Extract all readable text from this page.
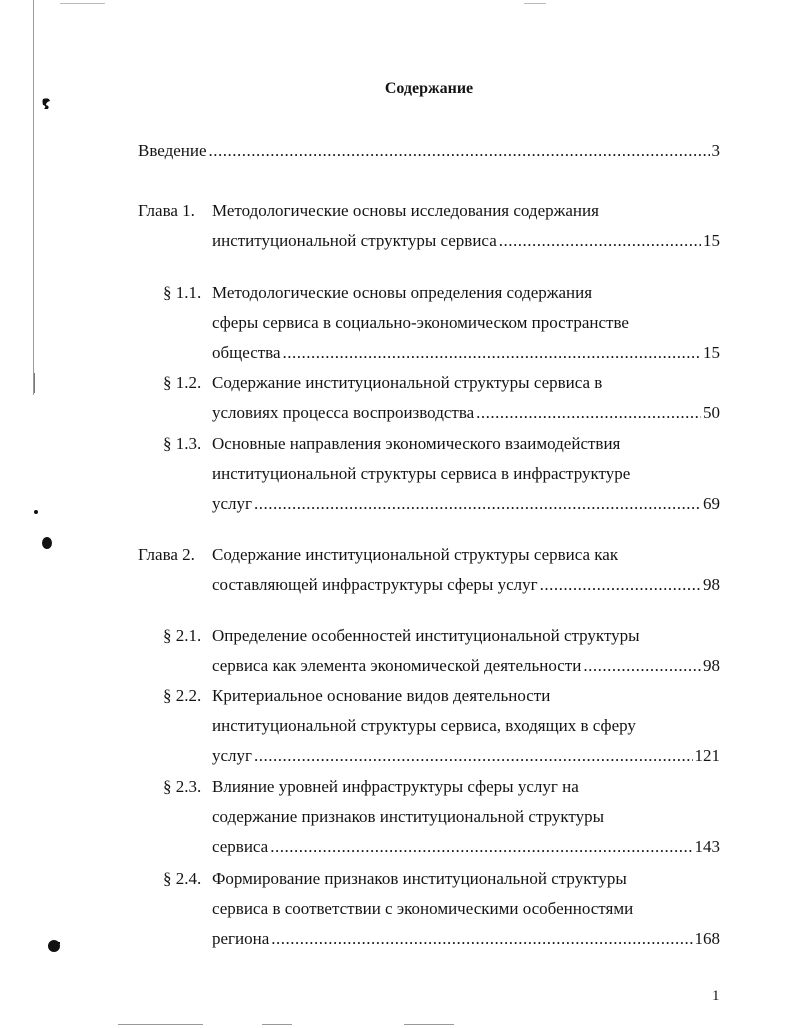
Содержание
Введение .....	3
Глава 1. Методологические основы исследования содержания
институциональной структуры сервиса .....	15
§ 1.1. Методологические основы определения содержания
сферы сервиса в социально-экономическом пространстве
общества .....	15
§ 1.2. Содержание институциональной структуры сервиса в
условиях процесса воспроизводства .....	50
§ 1.3. Основные направления экономического взаимодействия
институциональной структуры сервиса в инфраструктуре
услуг .....	69
Глава 2. Содержание институциональной структуры сервиса как
составляющей инфраструктуры сферы услуг .....	98
§ 2.1. Определение особенностей институциональной структуры
сервиса как элемента экономической деятельности .....	98
§ 2.2. Критериальное основание видов деятельности
институциональной структуры сервиса, входящих в сферу
услуг .....	121
§ 2.3. Влияние уровней инфраструктуры сферы услуг на
содержание признаков институциональной структуры
сервиса .....	143
§ 2.4. Формирование признаков институциональной структуры
сервиса в соответствии с экономическими особенностями
региона .....	168
1
